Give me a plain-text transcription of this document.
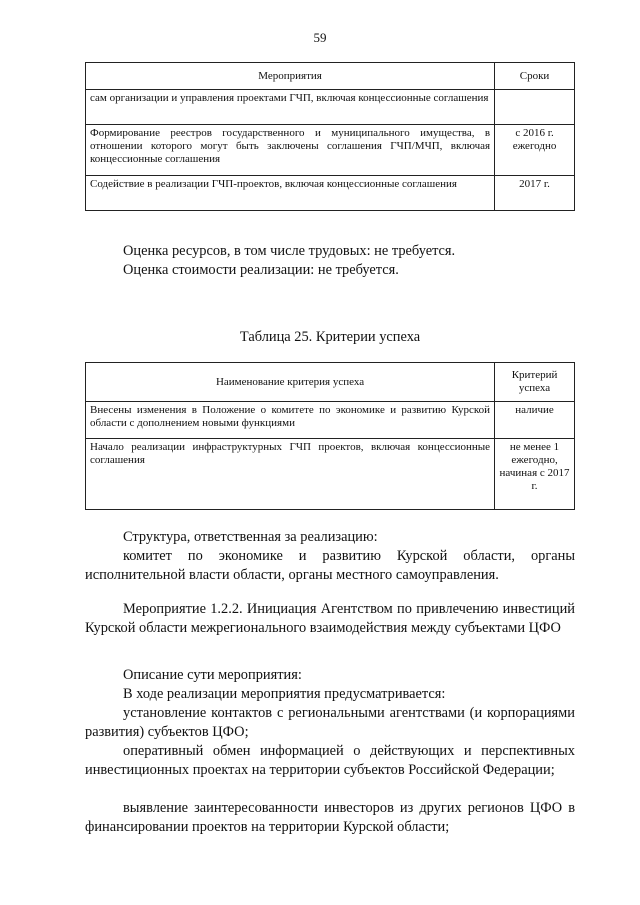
59
Мероприятия	Сроки
сам организации и управления проектами ГЧП, включая концессионные соглашения	
Формирование реестров государственного и муниципального имущества, в отношении которого могут быть заключены соглашения ГЧП/МЧП, включая концессионные соглашения	с 2016 г. ежегодно
Содействие в реализации ГЧП-проектов, включая концессионные соглашения	2017 г.
Оценка ресурсов, в том числе трудовых: не требуется.
Оценка стоимости реализации: не требуется.
Таблица 25. Критерии успеха
Наименование критерия успеха	Критерий успеха
Внесены изменения в Положение о комитете по экономике и развитию Курской области с дополнением новыми функциями	наличие
Начало реализации инфраструктурных ГЧП проектов, включая концессионные соглашения	не менее 1 ежегодно, начиная с 2017 г.
Структура, ответственная за реализацию:
комитет по экономике и развитию Курской области, органы исполнительной власти области, органы местного самоуправления.
Мероприятие 1.2.2. Инициация Агентством по привлечению инвестиций Курской области межрегионального взаимодействия между субъектами ЦФО
Описание сути мероприятия:
В ходе реализации мероприятия предусматривается:
установление контактов с региональными агентствами (и корпорациями развития) субъектов ЦФО;
оперативный обмен информацией о действующих и перспективных инвестиционных проектах на территории субъектов Российской Федерации;
выявление заинтересованности инвесторов из других регионов ЦФО в финансировании проектов на территории Курской области;
